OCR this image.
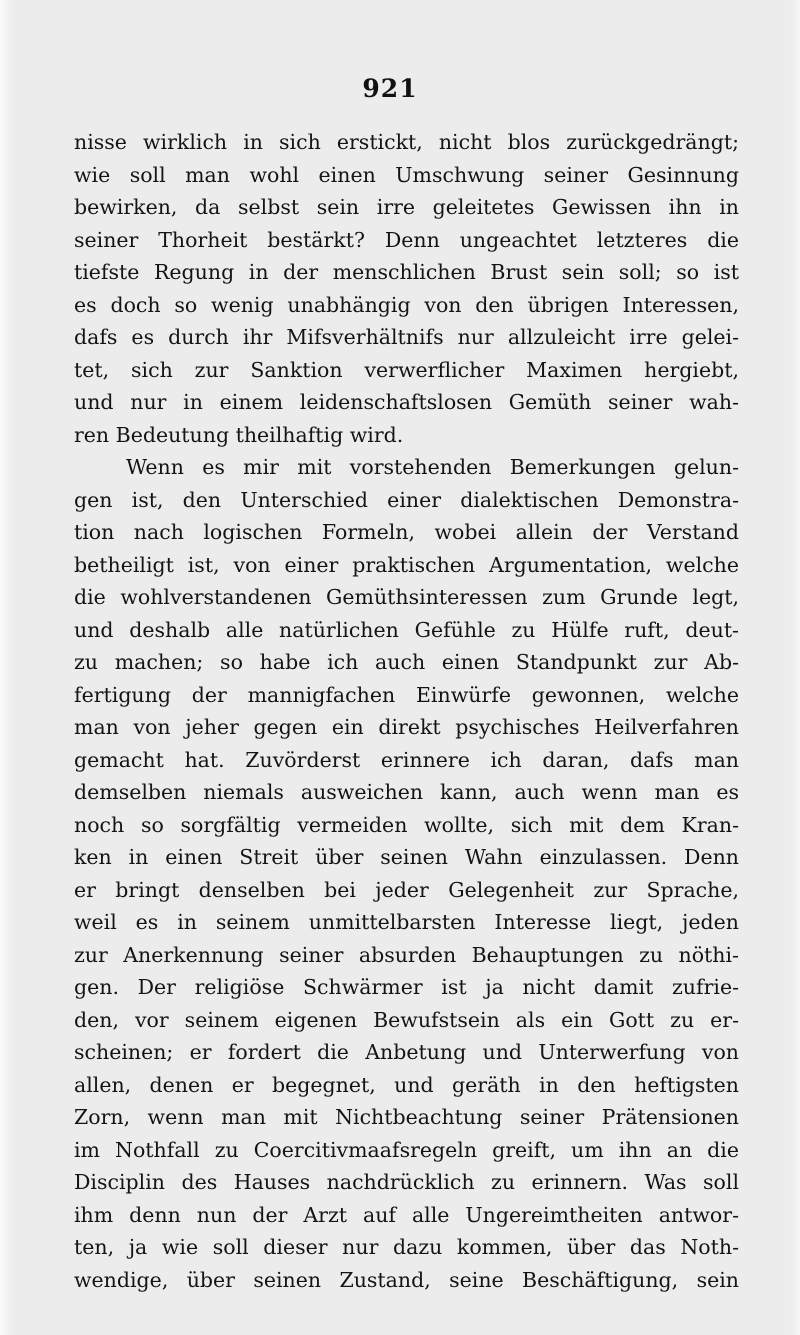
921
nisse wirklich in sich erstickt, nicht blos zurückgedrängt;
wie soll man wohl einen Umschwung seiner Gesinnung
bewirken, da selbst sein irre geleitetes Gewissen ihn in
seiner Thorheit bestärkt? Denn ungeachtet letzteres die
tiefste Regung in der menschlichen Brust sein soll; so ist
es doch so wenig unabhängig von den übrigen Interessen,
dafs es durch ihr Mifsverhältnifs nur allzuleicht irre gelei-
tet, sich zur Sanktion verwerflicher Maximen hergiebt,
und nur in einem leidenschaftslosen Gemüth seiner wah-
ren Bedeutung theilhaftig wird.
Wenn es mir mit vorstehenden Bemerkungen gelun-
gen ist, den Unterschied einer dialektischen Demonstra-
tion nach logischen Formeln, wobei allein der Verstand
betheiligt ist, von einer praktischen Argumentation, welche
die wohlverstandenen Gemüthsinteressen zum Grunde legt,
und deshalb alle natürlichen Gefühle zu Hülfe ruft, deut-
zu machen; so habe ich auch einen Standpunkt zur Ab-
fertigung der mannigfachen Einwürfe gewonnen, welche
man von jeher gegen ein direkt psychisches Heilverfahren
gemacht hat. Zuvörderst erinnere ich daran, dafs man
demselben niemals ausweichen kann, auch wenn man es
noch so sorgfältig vermeiden wollte, sich mit dem Kran-
ken in einen Streit über seinen Wahn einzulassen. Denn
er bringt denselben bei jeder Gelegenheit zur Sprache,
weil es in seinem unmittelbarsten Interesse liegt, jeden
zur Anerkennung seiner absurden Behauptungen zu nöthi-
gen. Der religiöse Schwärmer ist ja nicht damit zufrie-
den, vor seinem eigenen Bewufstsein als ein Gott zu er-
scheinen; er fordert die Anbetung und Unterwerfung von
allen, denen er begegnet, und geräth in den heftigsten
Zorn, wenn man mit Nichtbeachtung seiner Prätensionen
im Nothfall zu Coercitivmaafsregeln greift, um ihn an die
Disciplin des Hauses nachdrücklich zu erinnern. Was soll
ihm denn nun der Arzt auf alle Ungereimtheiten antwor-
ten, ja wie soll dieser nur dazu kommen, über das Noth-
wendige, über seinen Zustand, seine Beschäftigung, sein
